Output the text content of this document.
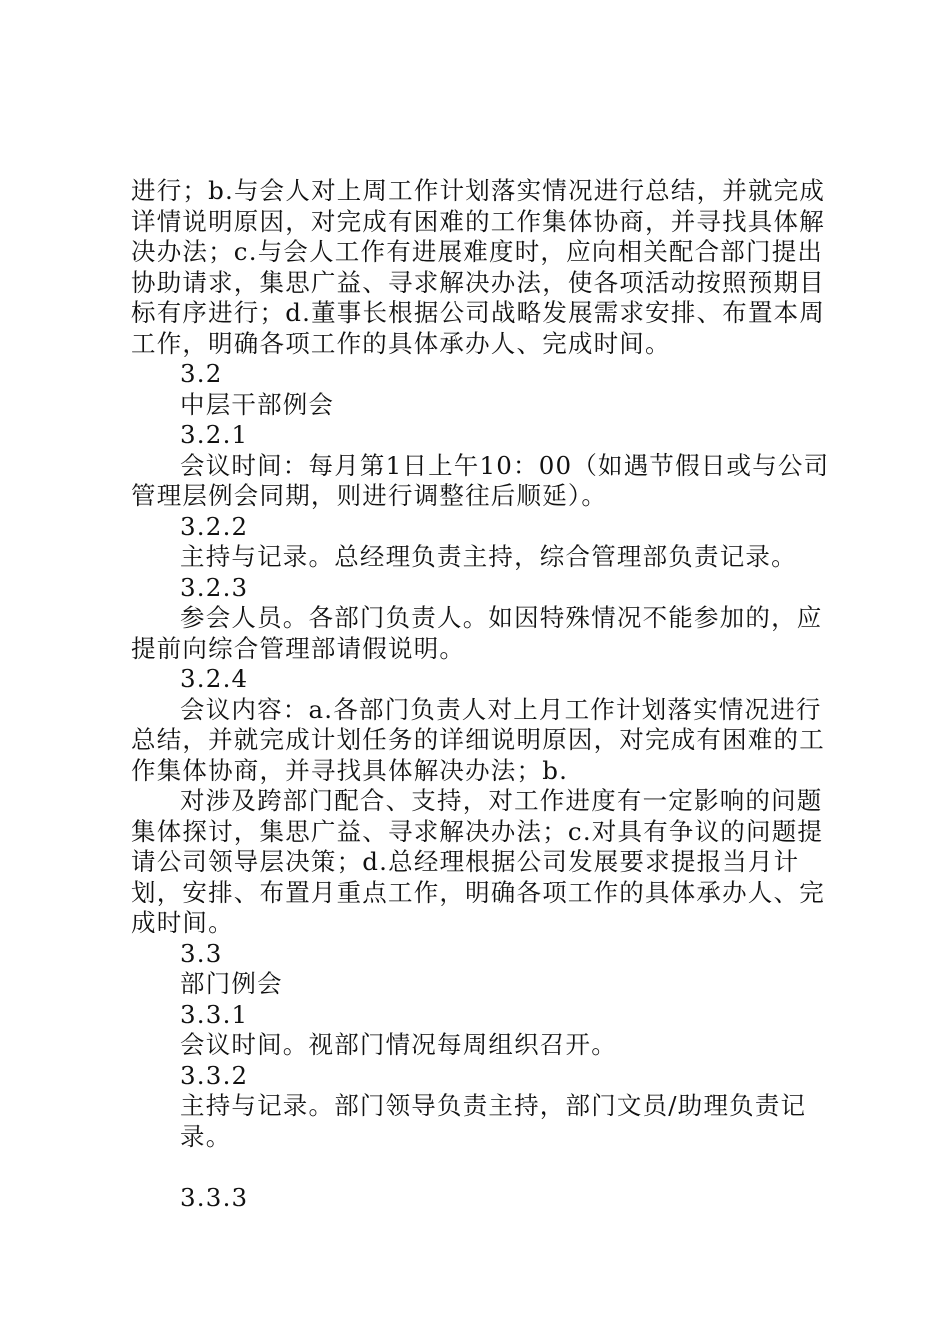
进行；b.与会人对上周工作计划落实情况进行总结，并就完成详情说明原因，对完成有困难的工作集体协商，并寻找具体解决办法；c.与会人工作有进展难度时，应向相关配合部门提出协助请求，集思广益、寻求解决办法，使各项活动按照预期目标有序进行；d.董事长根据公司战略发展需求安排、布置本周工作，明确各项工作的具体承办人、完成时间。

3.2

中层干部例会

3.2.1

会议时间：每月第1日上午10：00（如遇节假日或与公司管理层例会同期，则进行调整往后顺延）。

3.2.2

主持与记录。总经理负责主持，综合管理部负责记录。

3.2.3

参会人员。各部门负责人。如因特殊情况不能参加的，应提前向综合管理部请假说明。

3.2.4

会议内容：a.各部门负责人对上月工作计划落实情况进行总结，并就完成计划任务的详细说明原因，对完成有困难的工作集体协商，并寻找具体解决办法；b.

对涉及跨部门配合、支持，对工作进度有一定影响的问题集体探讨，集思广益、寻求解决办法；c.对具有争议的问题提请公司领导层决策；d.总经理根据公司发展要求提报当月计划，安排、布置月重点工作，明确各项工作的具体承办人、完成时间。

3.3

部门例会

3.3.1

会议时间。视部门情况每周组织召开。

3.3.2

主持与记录。部门领导负责主持，部门文员/助理负责记录。

3.3.3
